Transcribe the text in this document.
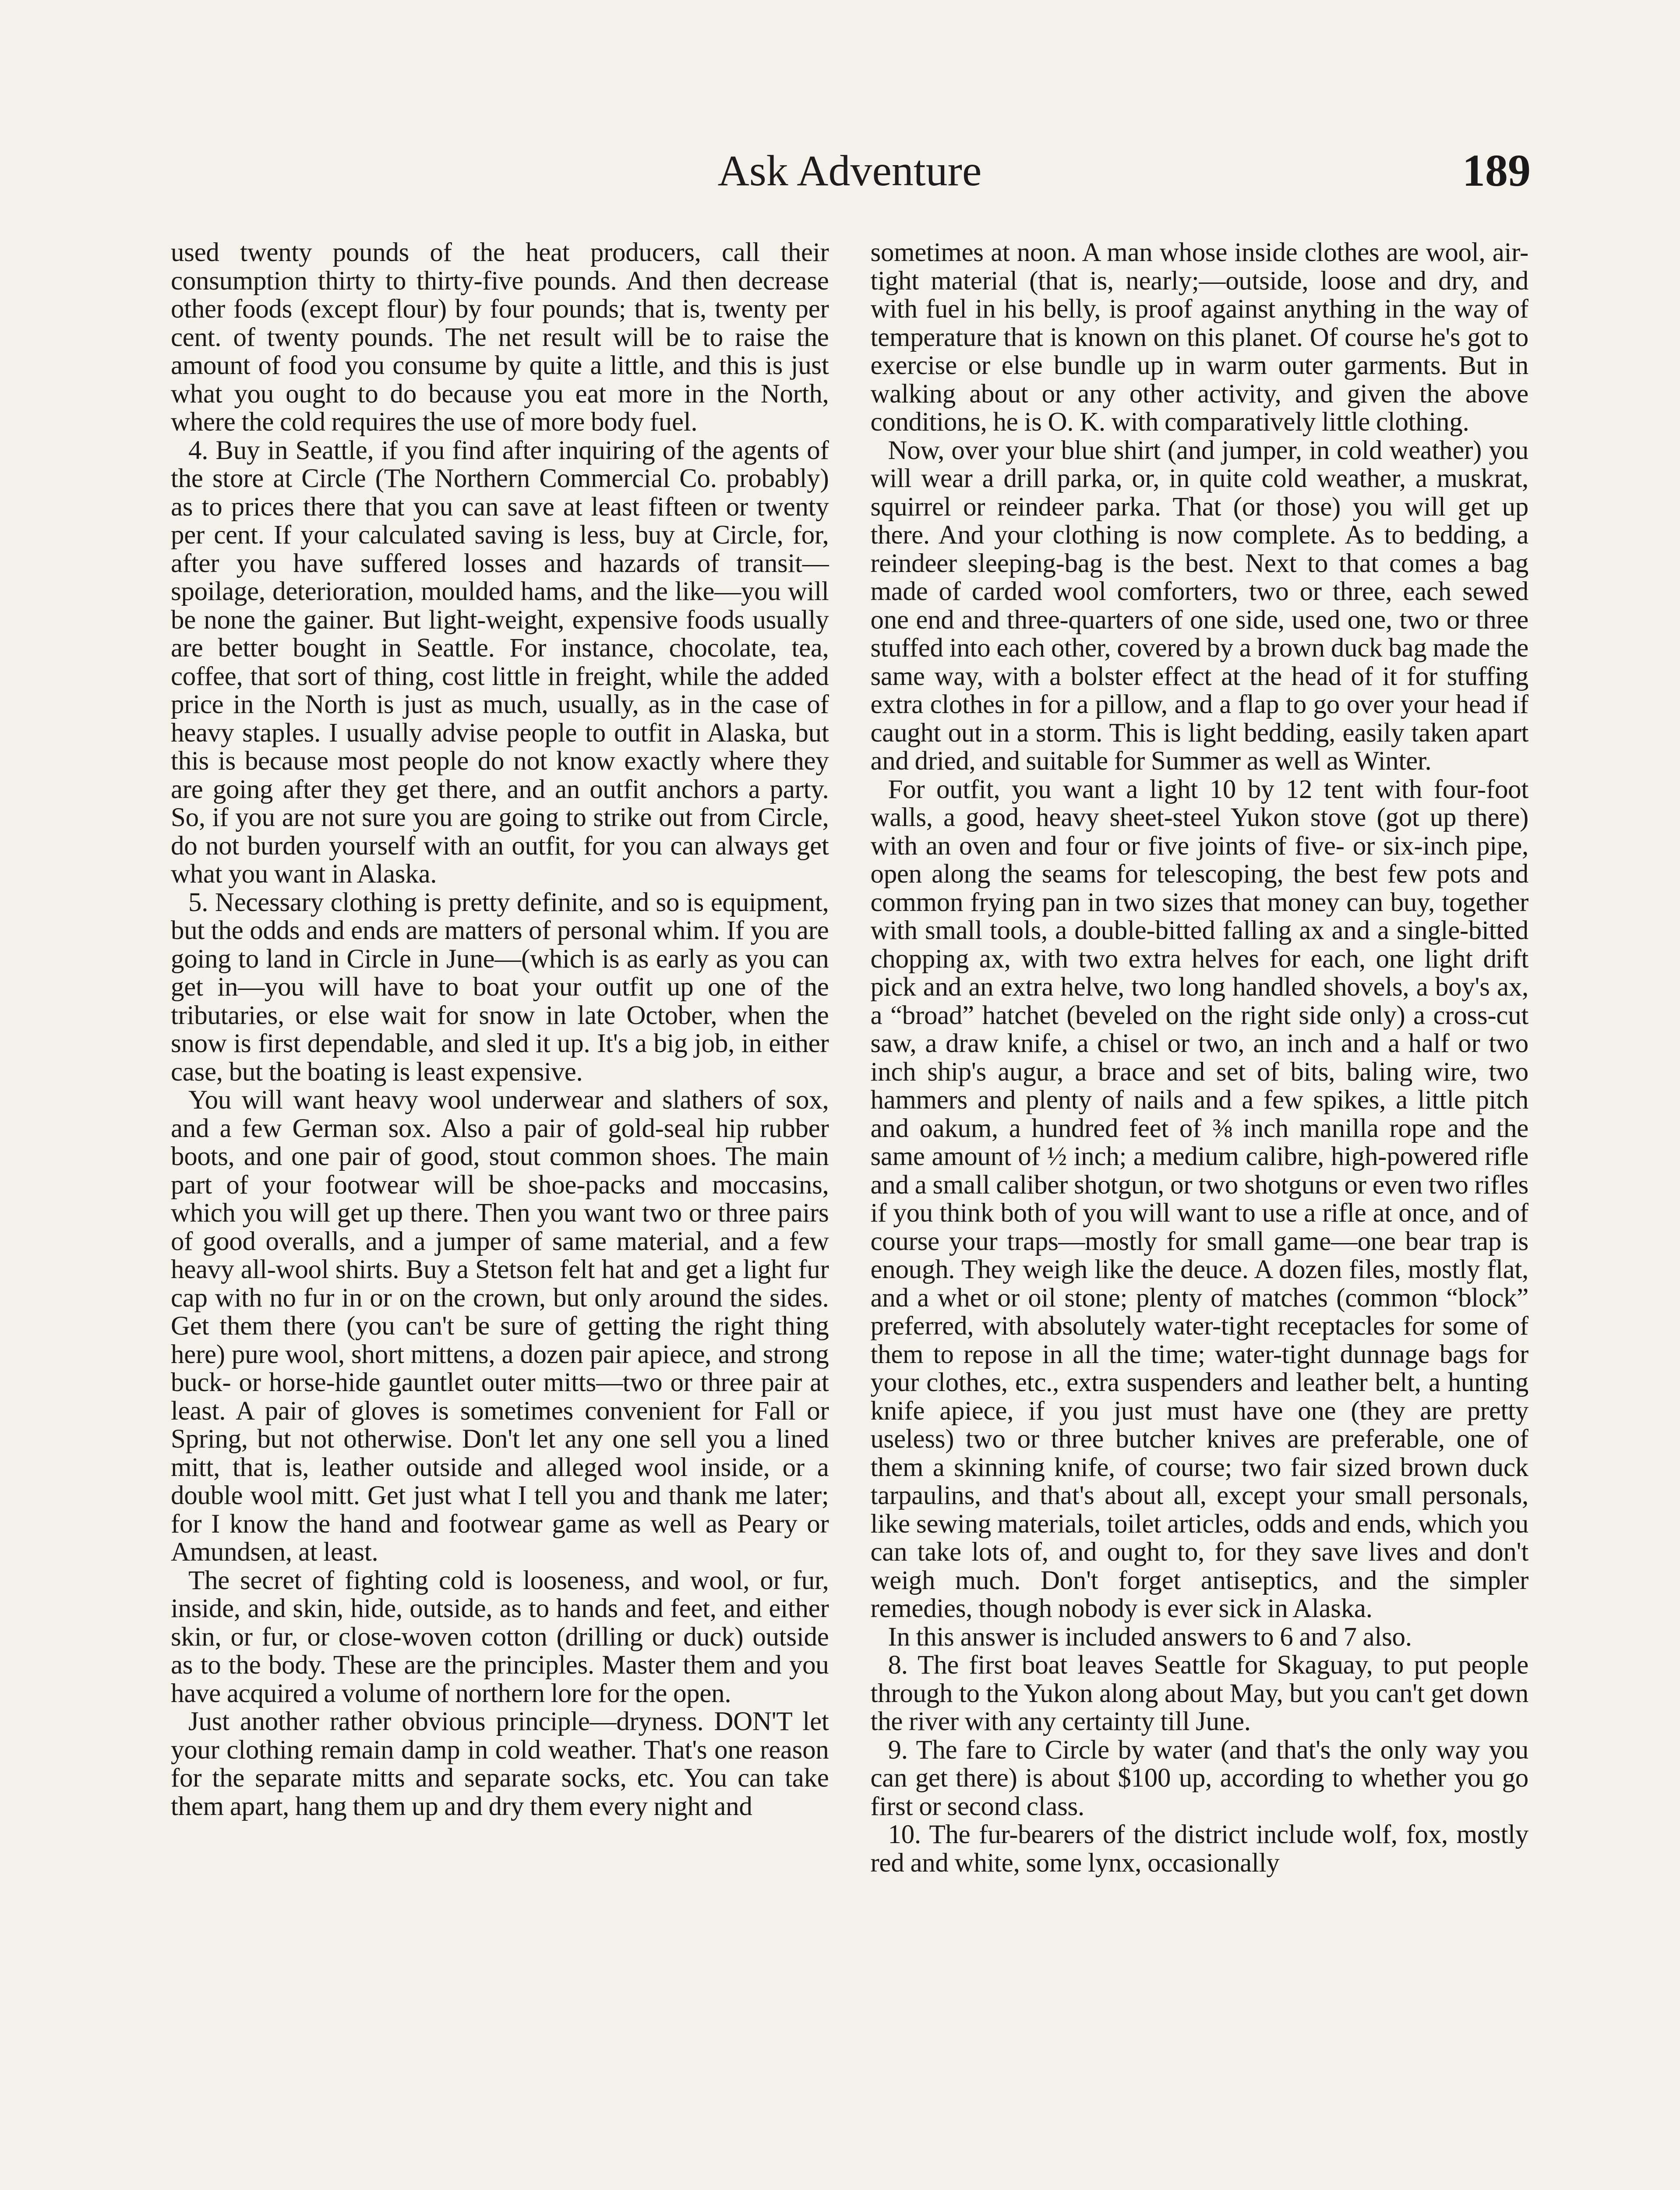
Ask Adventure	189

used twenty pounds of the heat producers, call their consumption thirty to thirty-five pounds. And then decrease other foods (except flour) by four pounds; that is, twenty per cent. of twenty pounds. The net result will be to raise the amount of food you consume by quite a little, and this is just what you ought to do because you eat more in the North, where the cold requires the use of more body fuel.

4. Buy in Seattle, if you find after inquiring of the agents of the store at Circle (The Northern Commercial Co. probably) as to prices there that you can save at least fifteen or twenty per cent. If your calculated saving is less, buy at Circle, for, after you have suffered losses and hazards of transit—spoilage, deterioration, moulded hams, and the like—you will be none the gainer. But light-weight, expensive foods usually are better bought in Seattle. For instance, chocolate, tea, coffee, that sort of thing, cost little in freight, while the added price in the North is just as much, usually, as in the case of heavy staples. I usually advise people to outfit in Alaska, but this is because most people do not know exactly where they are going after they get there, and an outfit anchors a party. So, if you are not sure you are going to strike out from Circle, do not burden yourself with an outfit, for you can always get what you want in Alaska.

5. Necessary clothing is pretty definite, and so is equipment, but the odds and ends are matters of personal whim. If you are going to land in Circle in June—(which is as early as you can get in—you will have to boat your outfit up one of the tributaries, or else wait for snow in late October, when the snow is first dependable, and sled it up. It's a big job, in either case, but the boating is least expensive.

You will want heavy wool underwear and slathers of sox, and a few German sox. Also a pair of gold-seal hip rubber boots, and one pair of good, stout common shoes. The main part of your footwear will be shoe-packs and moccasins, which you will get up there. Then you want two or three pairs of good overalls, and a jumper of same material, and a few heavy all-wool shirts. Buy a Stetson felt hat and get a light fur cap with no fur in or on the crown, but only around the sides. Get them there (you can't be sure of getting the right thing here) pure wool, short mittens, a dozen pair apiece, and strong buck- or horse-hide gauntlet outer mitts—two or three pair at least. A pair of gloves is sometimes convenient for Fall or Spring, but not otherwise. Don't let any one sell you a lined mitt, that is, leather outside and alleged wool inside, or a double wool mitt. Get just what I tell you and thank me later; for I know the hand and footwear game as well as Peary or Amundsen, at least.

The secret of fighting cold is looseness, and wool, or fur, inside, and skin, hide, outside, as to hands and feet, and either skin, or fur, or close-woven cotton (drilling or duck) outside as to the body. These are the principles. Master them and you have acquired a volume of northern lore for the open.

Just another rather obvious principle—dryness. DON'T let your clothing remain damp in cold weather. That's one reason for the separate mitts and separate socks, etc. You can take them apart, hang them up and dry them every night and

sometimes at noon. A man whose inside clothes are wool, air-tight material (that is, nearly;—outside, loose and dry, and with fuel in his belly, is proof against anything in the way of temperature that is known on this planet. Of course he's got to exercise or else bundle up in warm outer garments. But in walking about or any other activity, and given the above conditions, he is O. K. with comparatively little clothing.

Now, over your blue shirt (and jumper, in cold weather) you will wear a drill parka, or, in quite cold weather, a muskrat, squirrel or reindeer parka. That (or those) you will get up there. And your clothing is now complete. As to bedding, a reindeer sleeping-bag is the best. Next to that comes a bag made of carded wool comforters, two or three, each sewed one end and three-quarters of one side, used one, two or three stuffed into each other, covered by a brown duck bag made the same way, with a bolster effect at the head of it for stuffing extra clothes in for a pillow, and a flap to go over your head if caught out in a storm. This is light bedding, easily taken apart and dried, and suitable for Summer as well as Winter.

For outfit, you want a light 10 by 12 tent with four-foot walls, a good, heavy sheet-steel Yukon stove (got up there) with an oven and four or five joints of five- or six-inch pipe, open along the seams for telescoping, the best few pots and common frying pan in two sizes that money can buy, together with small tools, a double-bitted falling ax and a single-bitted chopping ax, with two extra helves for each, one light drift pick and an extra helve, two long handled shovels, a boy's ax, a “broad” hatchet (beveled on the right side only) a cross-cut saw, a draw knife, a chisel or two, an inch and a half or two inch ship's augur, a brace and set of bits, baling wire, two hammers and plenty of nails and a few spikes, a little pitch and oakum, a hundred feet of ⅜ inch manilla rope and the same amount of ½ inch; a medium calibre, high-powered rifle and a small caliber shotgun, or two shotguns or even two rifles if you think both of you will want to use a rifle at once, and of course your traps—mostly for small game—one bear trap is enough. They weigh like the deuce. A dozen files, mostly flat, and a whet or oil stone; plenty of matches (common “block” preferred, with absolutely water-tight receptacles for some of them to repose in all the time; water-tight dunnage bags for your clothes, etc., extra suspenders and leather belt, a hunting knife apiece, if you just must have one (they are pretty useless) two or three butcher knives are preferable, one of them a skinning knife, of course; two fair sized brown duck tarpaulins, and that's about all, except your small personals, like sewing materials, toilet articles, odds and ends, which you can take lots of, and ought to, for they save lives and don't weigh much. Don't forget antiseptics, and the simpler remedies, though nobody is ever sick in Alaska.

In this answer is included answers to 6 and 7 also.

8. The first boat leaves Seattle for Skaguay, to put people through to the Yukon along about May, but you can't get down the river with any certainty till June.

9. The fare to Circle by water (and that's the only way you can get there) is about $100 up, according to whether you go first or second class.

10. The fur-bearers of the district include wolf, fox, mostly red and white, some lynx, occasionally
